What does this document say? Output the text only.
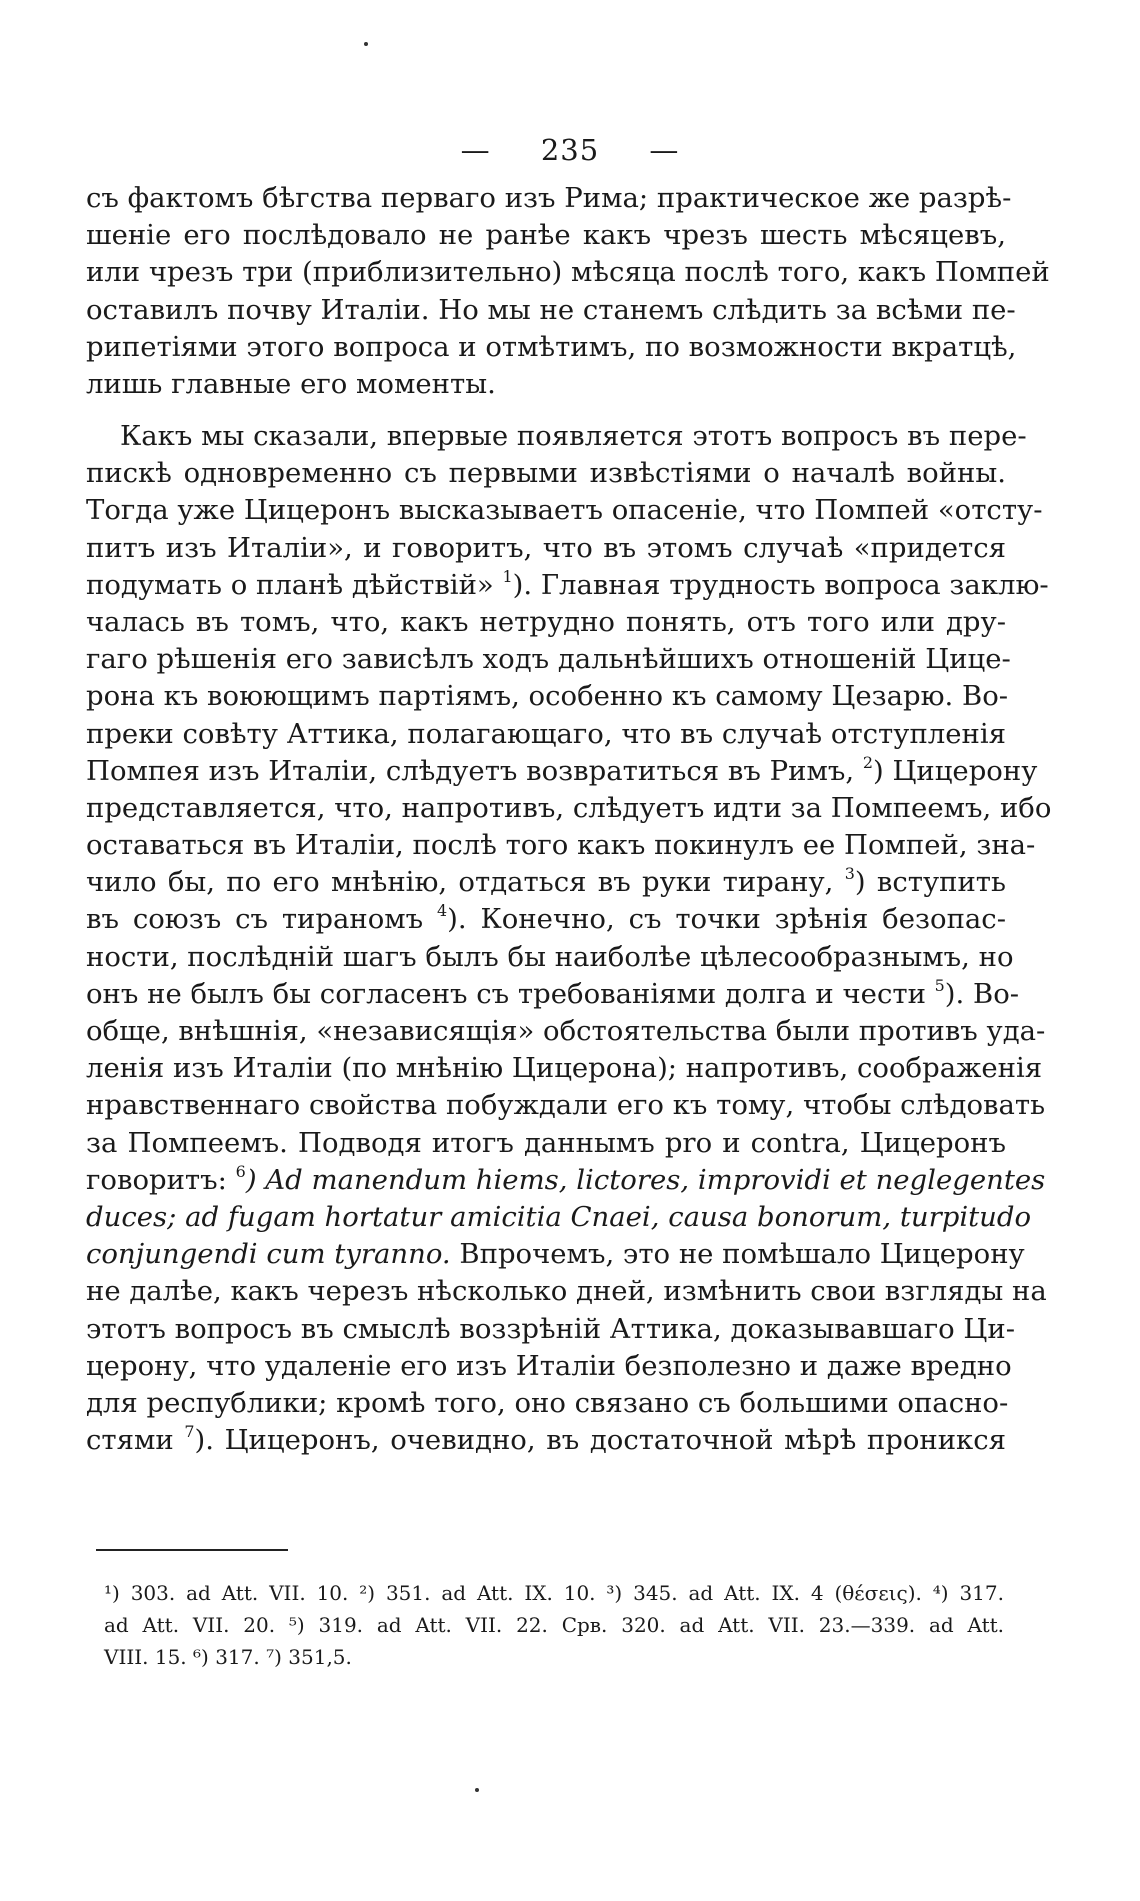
— 235 —
съ фактомъ бѣгства перваго изъ Рима; практическое же разрѣ-
шеніе его послѣдовало не ранѣе какъ чрезъ шесть мѣсяцевъ,
или чрезъ три (приблизительно) мѣсяца послѣ того, какъ Помпей
оставилъ почву Италіи. Но мы не станемъ слѣдить за всѣми пе-
рипетіями этого вопроса и отмѣтимъ, по возможности вкратцѣ,
лишь главные его моменты.
Какъ мы сказали, впервые появляется этотъ вопросъ въ пере-
пискѣ одновременно съ первыми извѣстіями о началѣ войны.
Тогда уже Цицеронъ высказываетъ опасеніе, что Помпей «отсту-
питъ изъ Италіи», и говоритъ, что въ этомъ случаѣ «придется
подумать о планѣ дѣйствій» $^1$). Главная трудность вопроса заклю-
чалась въ томъ, что, какъ нетрудно понять, отъ того или дру-
гаго рѣшенія его зависѣлъ ходъ дальнѣйшихъ отношеній Цице-
рона къ воюющимъ партіямъ, особенно къ самому Цезарю. Во-
преки совѣту Аттика, полагающаго, что въ случаѣ отступленія
Помпея изъ Италіи, слѣдуетъ возвратиться въ Римъ, $^2$) Цицерону
представляется, что, напротивъ, слѣдуетъ идти за Помпеемъ, ибо
оставаться въ Италіи, послѣ того какъ покинулъ ее Помпей, зна-
чило бы, по его мнѣнію, отдаться въ руки тирану, $^3$) вступить
въ союзъ съ тираномъ $^4$). Конечно, съ точки зрѣнія безопас-
ности, послѣдній шагъ былъ бы наиболѣе цѣлесообразнымъ, но
онъ не былъ бы согласенъ съ требованіями долга и чести $^5$). Во-
обще, внѣшнія, «независящія» обстоятельства были противъ уда-
ленія изъ Италіи (по мнѣнію Цицерона); напротивъ, соображенія
нравственнаго свойства побуждали его къ тому, чтобы слѣдовать
за Помпеемъ. Подводя итогъ даннымъ pro и contra, Цицеронъ
говоритъ: $^6$) Ad manendum hiems, lictores, improvidi et neglegentes
duces; ad fugam hortatur amicitia Cnaei, causa bonorum, turpitudo
conjungendi cum tyranno. Впрочемъ, это не помѣшало Цицерону
не далѣе, какъ черезъ нѣсколько дней, измѣнить свои взгляды на
этотъ вопросъ въ смыслѣ воззрѣній Аттика, доказывавшаго Ци-
церону, что удаленіе его изъ Италіи безполезно и даже вредно
для республики; кромѣ того, оно связано съ большими опасно-
стями $^7$). Цицеронъ, очевидно, въ достаточной мѣрѣ проникся
¹) 303. ad Att. VII. 10. ²) 351. ad Att. IX. 10. ³) 345. ad Att. IX. 4 (θέσεις). ⁴) 317.
ad Att. VII. 20. ⁵) 319. ad Att. VII. 22. Срв. 320. ad Att. VII. 23.—339. ad Att.
VIII. 15. ⁶) 317. ⁷) 351,5.
